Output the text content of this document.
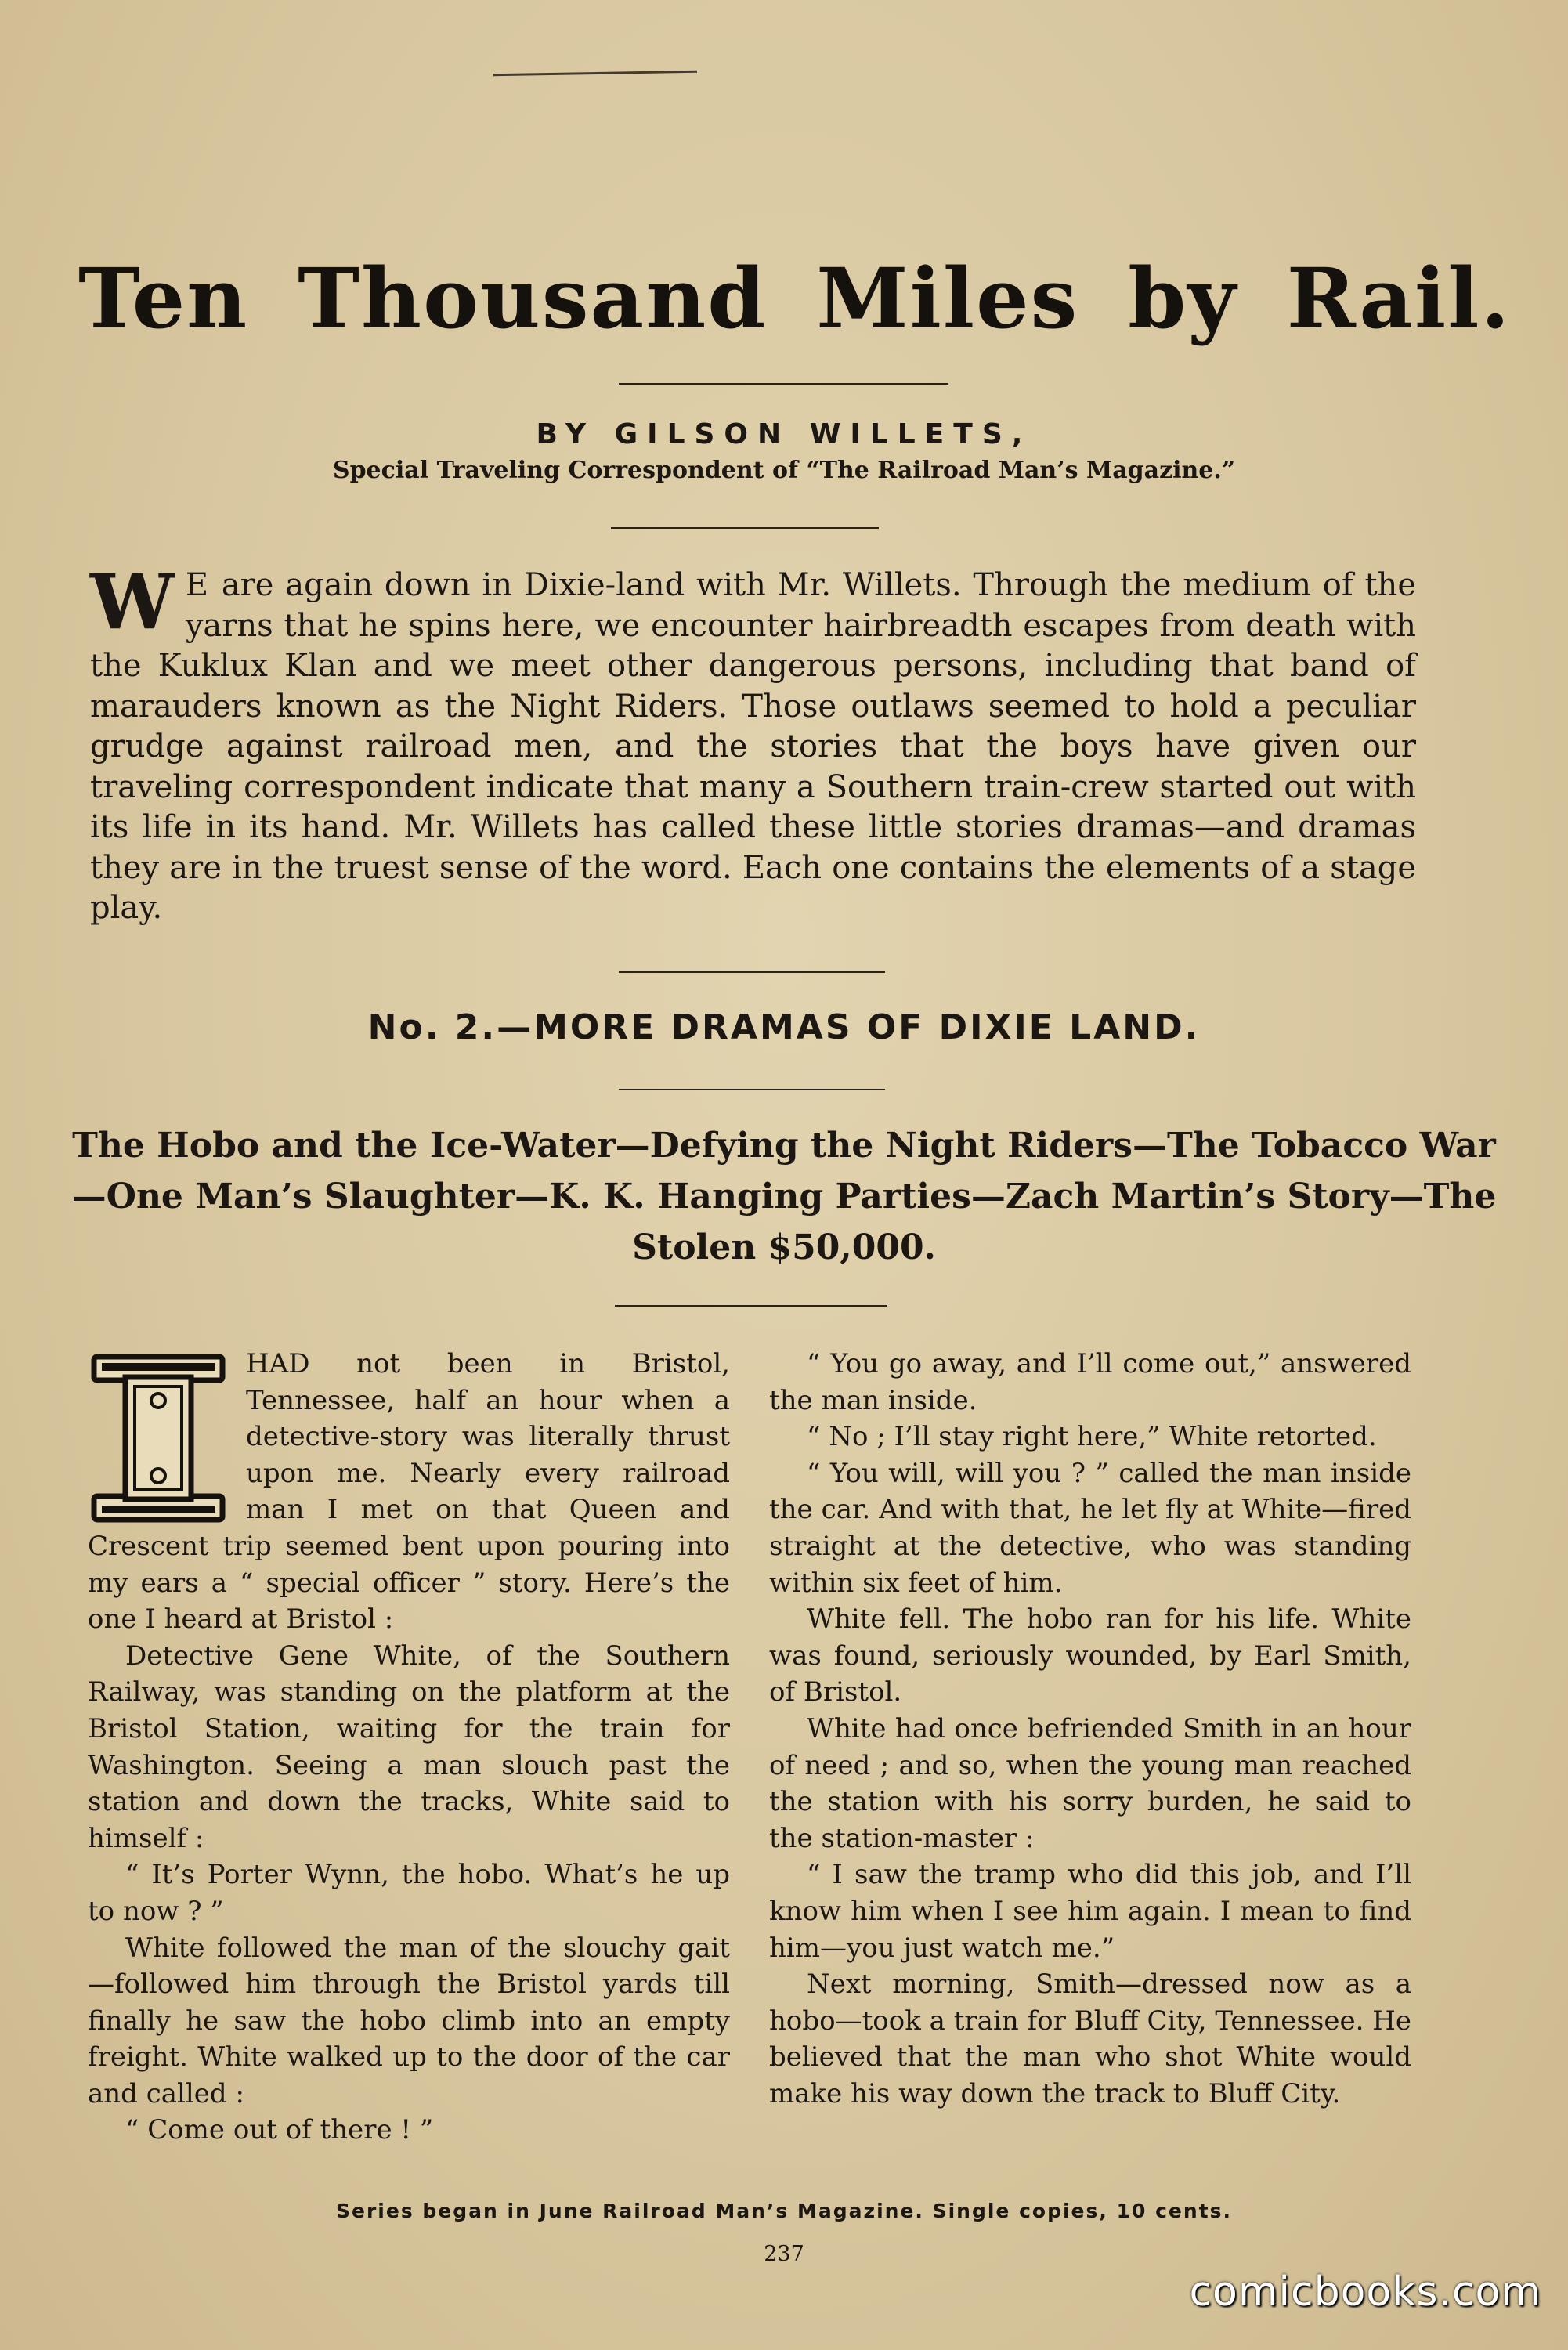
Ten Thousand Miles by Rail.

BY GILSON WILLETS,

Special Traveling Correspondent of “The Railroad Man’s Magazine.”

W E are again down in Dixie-land with Mr. Willets. Through the medium of the yarns that he spins here, we encounter hairbreadth escapes from death with the Kuklux Klan and we meet other dangerous persons, including that band of marauders known as the Night Riders. Those outlaws seemed to hold a peculiar grudge against railroad men, and the stories that the boys have given our traveling correspondent indicate that many a Southern train-crew started out with its life in its hand. Mr. Willets has called these little stories dramas—and dramas they are in the truest sense of the word. Each one contains the elements of a stage play.

No. 2.—MORE DRAMAS OF DIXIE LAND.

The Hobo and the Ice-Water—Defying the Night Riders—The Tobacco War—One Man’s Slaughter—K. K. Hanging Parties—Zach Martin’s Story—The Stolen $50,000.

HAD not been in Bristol, Tennessee, half an hour when a detective-story was literally thrust upon me. Nearly every railroad man I met on that Queen and Crescent trip seemed bent upon pouring into my ears a “ special officer ” story. Here’s the one I heard at Bristol :

Detective Gene White, of the Southern Railway, was standing on the platform at the Bristol Station, waiting for the train for Washington. Seeing a man slouch past the station and down the tracks, White said to himself :

“ It’s Porter Wynn, the hobo. What’s he up to now ? ”

White followed the man of the slouchy gait—followed him through the Bristol yards till finally he saw the hobo climb into an empty freight. White walked up to the door of the car and called :

“ Come out of there ! ”

“ You go away, and I’ll come out,” answered the man inside.

“ No ; I’ll stay right here,” White retorted.

“ You will, will you ? ” called the man inside the car. And with that, he let fly at White—fired straight at the detective, who was standing within six feet of him.

White fell. The hobo ran for his life. White was found, seriously wounded, by Earl Smith, of Bristol.

White had once befriended Smith in an hour of need ; and so, when the young man reached the station with his sorry burden, he said to the station-master :

“ I saw the tramp who did this job, and I’ll know him when I see him again. I mean to find him—you just watch me.”

Next morning, Smith—dressed now as a hobo—took a train for Bluff City, Tennessee. He believed that the man who shot White would make his way down the track to Bluff City.

Series began in June Railroad Man’s Magazine. Single copies, 10 cents.

237

comicbooks.com
